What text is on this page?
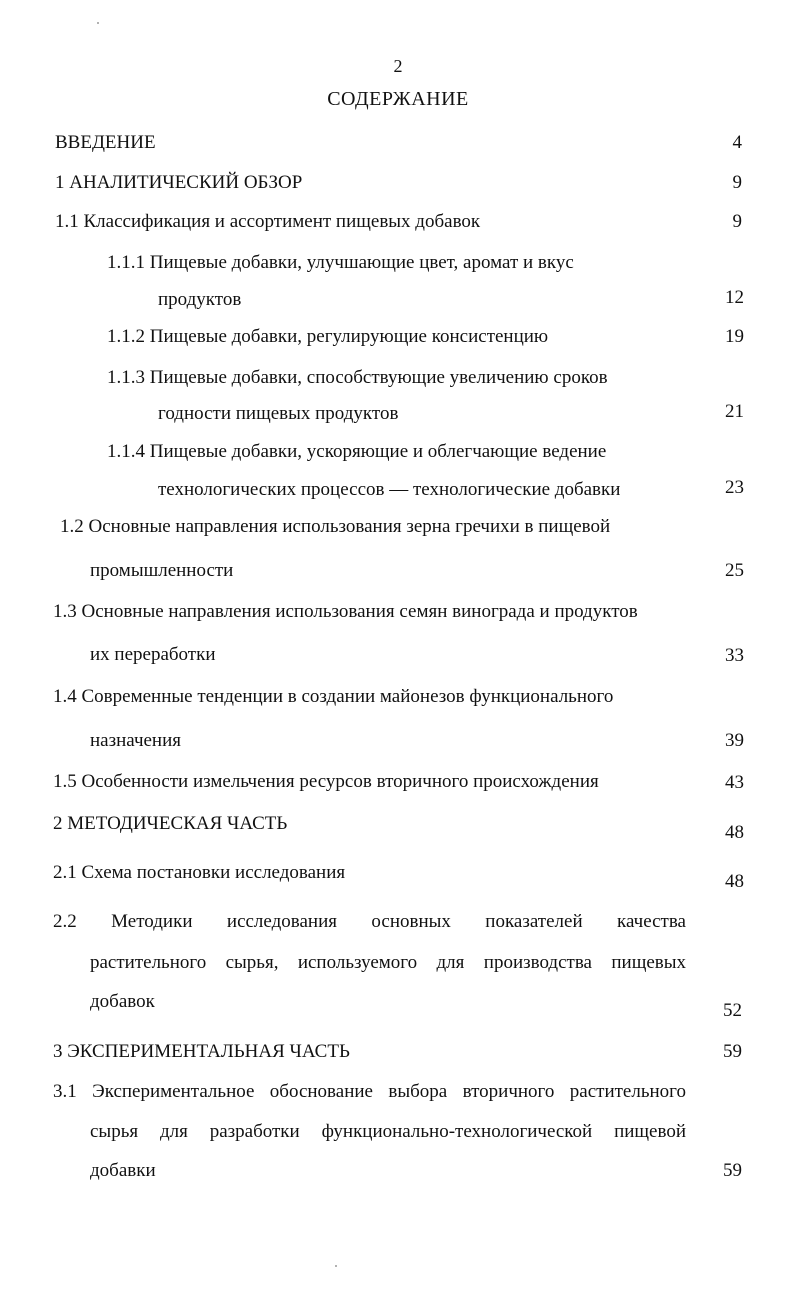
2
СОДЕРЖАНИЕ
ВВЕДЕНИЕ	4
1 АНАЛИТИЧЕСКИЙ ОБЗОР	9
1.1 Классификация и ассортимент пищевых добавок	9
1.1.1 Пищевые добавки, улучшающие цвет, аромат и вкус
продуктов	12
1.1.2 Пищевые добавки, регулирующие консистенцию	19
1.1.3 Пищевые добавки, способствующие увеличению сроков
годности пищевых продуктов	21
1.1.4 Пищевые добавки, ускоряющие и облегчающие ведение
технологических процессов — технологические добавки	23
1.2 Основные направления использования зерна гречихи в пищевой
промышленности	25
1.3 Основные направления использования семян винограда и продуктов
их переработки	33
1.4 Современные тенденции в создании майонезов функционального
назначения	39
1.5 Особенности измельчения ресурсов вторичного происхождения	43
2 МЕТОДИЧЕСКАЯ ЧАСТЬ	48
2.1 Схема постановки исследования	48
2.2 Методики исследования основных показателей качества
растительного сырья, используемого для производства пищевых
добавок	52
3 ЭКСПЕРИМЕНТАЛЬНАЯ ЧАСТЬ	59
3.1 Экспериментальное обоснование выбора вторичного растительного
сырья для разработки функционально-технологической пищевой
добавки	59
